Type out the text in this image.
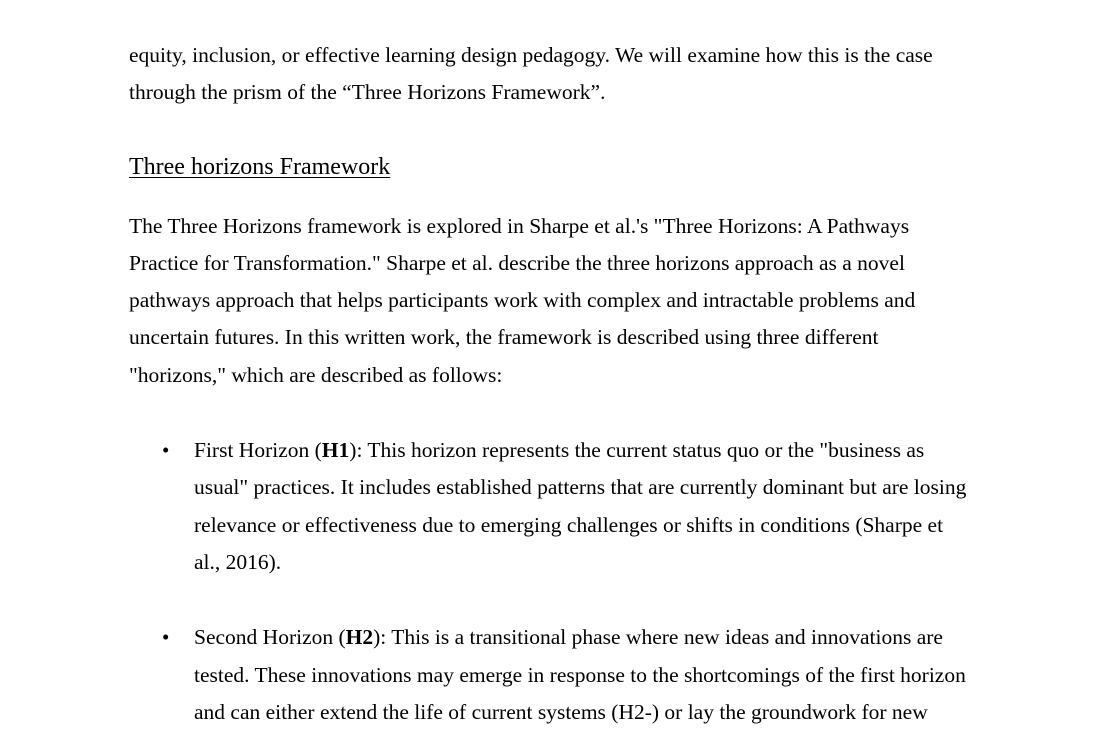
equity, inclusion, or effective learning design pedagogy. We will examine how this is the case

through the prism of the “Three Horizons Framework”.

Three horizons Framework

The Three Horizons framework is explored in Sharpe et al.'s "Three Horizons: A Pathways

Practice for Transformation." Sharpe et al. describe the three horizons approach as a novel

pathways approach that helps participants work with complex and intractable problems and

uncertain futures. In this written work, the framework is described using three different

"horizons," which are described as follows:

• First Horizon (H1): This horizon represents the current status quo or the "business as

usual" practices. It includes established patterns that are currently dominant but are losing

relevance or effectiveness due to emerging challenges or shifts in conditions (Sharpe et

al., 2016).

• Second Horizon (H2): This is a transitional phase where new ideas and innovations are

tested. These innovations may emerge in response to the shortcomings of the first horizon

and can either extend the life of current systems (H2-) or lay the groundwork for new
